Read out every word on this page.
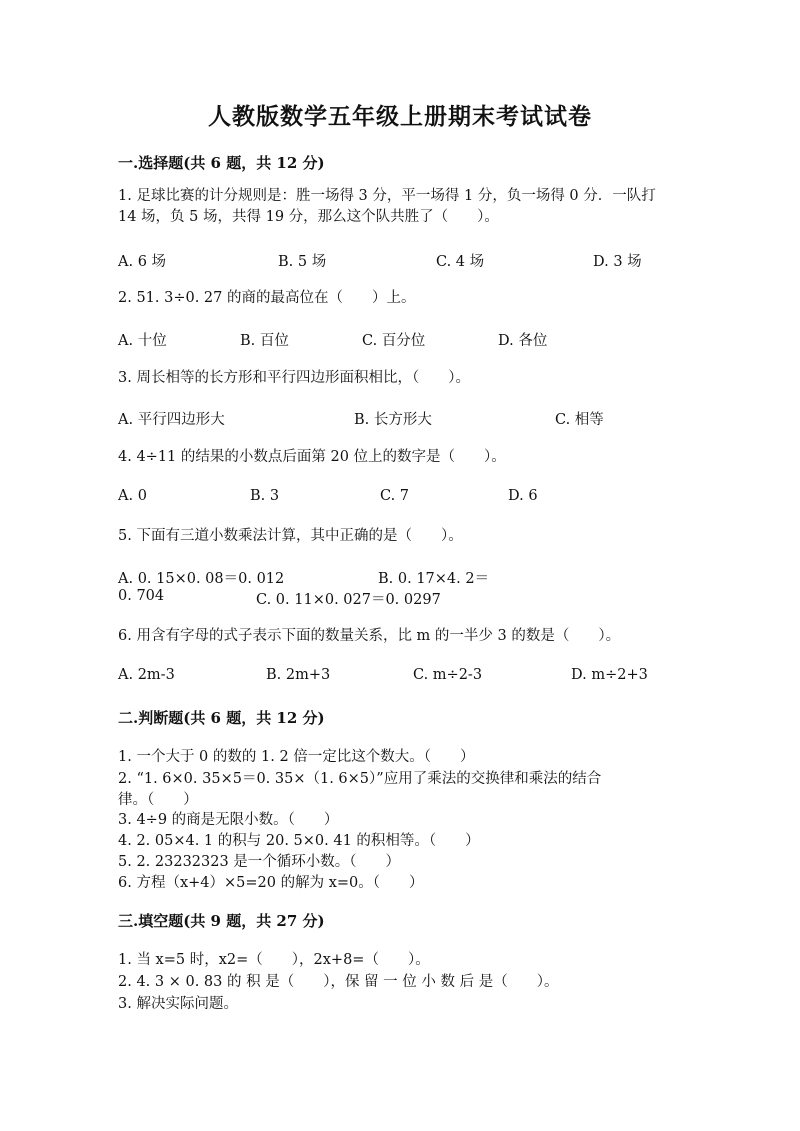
人教版数学五年级上册期末考试试卷
一.选择题(共 6 题，共 12 分)
1. 足球比赛的计分规则是：胜一场得 3 分，平一场得 1 分，负一场得 0 分．一队打 14 场，负 5 场，共得 19 分，那么这个队共胜了（　　）。
A. 6 场	B. 5 场	C. 4 场	D. 3 场
2. 51. 3÷0. 27 的商的最高位在（　　）上。
A. 十位	B. 百位	C. 百分位	D. 各位
3. 周长相等的长方形和平行四边形面积相比，（　　）。
A. 平行四边形大	B. 长方形大	C. 相等
4. 4÷11 的结果的小数点后面第 20 位上的数字是（　　）。
A. 0	B. 3	C. 7	D. 6
5. 下面有三道小数乘法计算，其中正确的是（　　）。
A. 0. 15×0. 08＝0. 012	B. 0. 17×4. 2＝
0. 704	C. 0. 11×0. 027＝0. 0297
6. 用含有字母的式子表示下面的数量关系，比 m 的一半少 3 的数是（　　）。
A. 2m-3	B. 2m+3	C. m÷2-3	D. m÷2+3
二.判断题(共 6 题，共 12 分)
1. 一个大于 0 的数的 1. 2 倍一定比这个数大。（　　）
2. “1. 6×0. 35×5＝0. 35×（1. 6×5）”应用了乘法的交换律和乘法的结合
律。（　　）
3. 4÷9 的商是无限小数。（　　）
4. 2. 05×4. 1 的积与 20. 5×0. 41 的积相等。（　　）
5. 2. 23232323 是一个循环小数。（　　）
6. 方程（x+4）×5=20 的解为 x=0。（　　）
三.填空题(共 9 题，共 27 分)
1. 当 x=5 时，x2=（　　），2x+8=（　　）。
2. 4. 3 × 0. 83 的 积 是（　　），保 留 一 位 小 数 后 是（　　）。
3. 解决实际问题。
